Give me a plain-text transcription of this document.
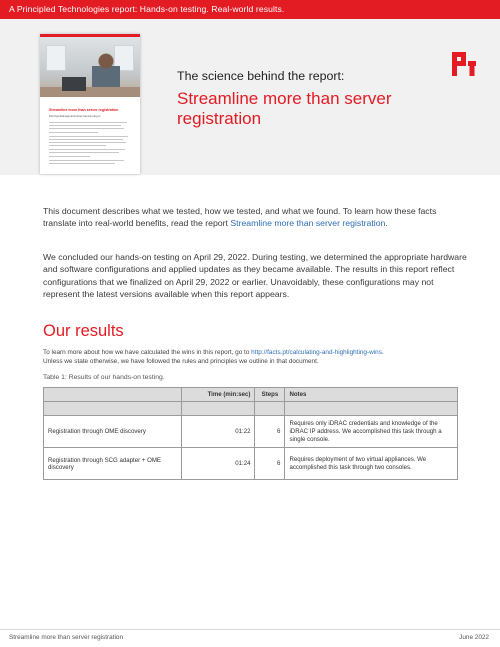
A Principled Technologies report: Hands-on testing. Real-world results.
Streamline more than server registration
Dell OpenManage Enterprise Service plug-in
The science behind the report:
Streamline more than server registration

This document describes what we tested, how we tested, and what we found. To learn how these facts translate into real-world benefits, read the report Streamline more than server registration.

We concluded our hands-on testing on April 29, 2022. During testing, we determined the appropriate hardware and software configurations and applied updates as they became available. The results in this report reflect configurations that we finalized on April 29, 2022 or earlier. Unavoidably, these configurations may not represent the latest versions available when this report appears.

Our results

To learn more about how we have calculated the wins in this report, go to http://facts.pt/calculating-and-highlighting-wins.

Unless we state otherwise, we have followed the rules and principles we outline in that document.

Table 1: Results of our hands-on testing.
	Time (min:sec)	Steps	Notes

Registration through OME discovery	01:22	6	Requires only iDRAC credentials and knowledge of the iDRAC IP address. We accomplished this task through a single console.
Registration through SCG adapter + OME discovery	01:24	6	Requires deployment of two virtual appliances. We accomplished this task through two consoles.
Streamline more than server registration	June 2022
